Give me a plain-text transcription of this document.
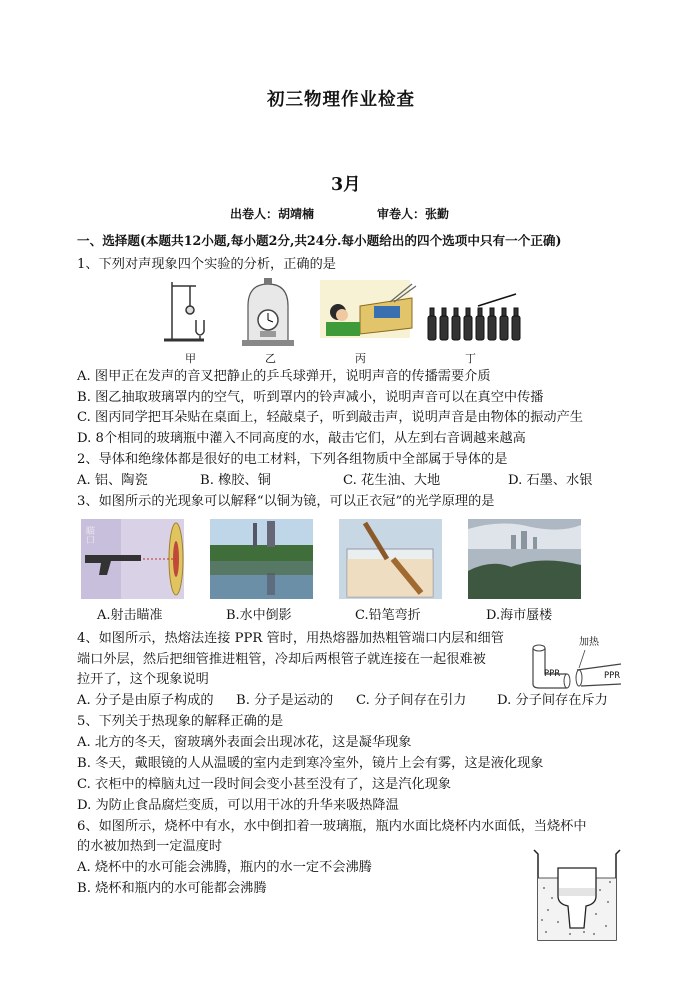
初三物理作业检查
3月
出卷人：胡靖楠	审卷人：张勤
一、选择题(本题共12小题,每小题2分,共24分.每小题给出的四个选项中只有一个正确)
1、下列对声现象四个实验的分析，正确的是
甲	乙	丙	丁
A. 图甲正在发声的音叉把静止的乒乓球弹开，说明声音的传播需要介质
B. 图乙抽取玻璃罩内的空气，听到罩内的铃声减小，说明声音可以在真空中传播
C. 图丙同学把耳朵贴在桌面上，轻敲桌子，听到敲击声，说明声音是由物体的振动产生
D. 8个相同的玻璃瓶中灌入不同高度的水，敲击它们，从左到右音调越来越高
2、导体和绝缘体都是很好的电工材料，下列各组物质中全部属于导体的是
A. 铝、陶瓷	B. 橡胶、铜	C. 花生油、大地	D. 石墨、水银
3、如图所示的光现象可以解释“以铜为镜，可以正衣冠”的光学原理的是
瞄口
A.射击瞄准	B.水中倒影	C.铅笔弯折	D.海市蜃楼
4、如图所示，热熔法连接 PPR 管时，用热熔器加热粗管端口内层和细管
端口外层，然后把细管推进粗管，冷却后两根管子就连接在一起很难被
拉开了，这个现象说明
加热
PPR	PPR
A. 分子是由原子构成的 B. 分子是运动的 C. 分子间存在引力 D. 分子间存在斥力
5、下列关于热现象的解释正确的是
A. 北方的冬天，窗玻璃外表面会出现冰花，这是凝华现象
B. 冬天，戴眼镜的人从温暖的室内走到寒冷室外，镜片上会有雾，这是液化现象
C. 衣柜中的樟脑丸过一段时间会变小甚至没有了，这是汽化现象
D. 为防止食品腐烂变质，可以用干冰的升华来吸热降温
6、如图所示，烧杯中有水，水中倒扣着一玻璃瓶，瓶内水面比烧杯内水面低，当烧杯中
的水被加热到一定温度时
A. 烧杯中的水可能会沸腾，瓶内的水一定不会沸腾
B. 烧杯和瓶内的水可能都会沸腾
